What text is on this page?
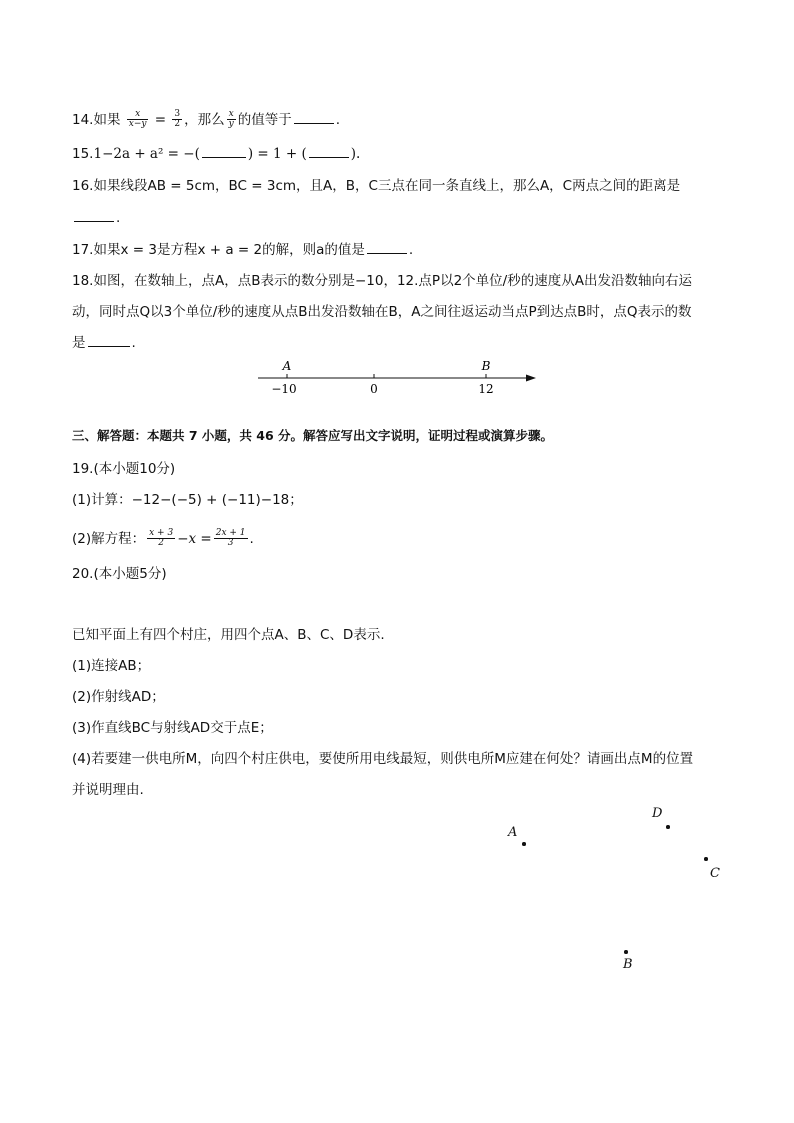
14.如果 $\frac{x}{x-y} = \frac{3}{2}$ ，那么 $\frac{x}{y}$ 的值等于	.
15.1−2a + a² = −(	) = 1 + (	).
16.如果线段AB = 5cm，BC = 3cm，且A，B，C三点在同一条直线上，那么A，C两点之间的距离是
.
17.如果x = 3是方程x + a = 2的解，则a的值是	.
18.如图，在数轴上，点A，点B表示的数分别是−10，12.点P以2个单位/秒的速度从A出发沿数轴向右运
动，同时点Q以3个单位/秒的速度从点B出发沿数轴在B，A之间往返运动当点P到达点B时，点Q表示的数
是	.
A	B
−10	0	12
三、解答题：本题共 7 小题，共 46 分。解答应写出文字说明，证明过程或演算步骤。
19.(本小题10分)
(1)计算：−12−(−5) + (−11)−18；
(2)解方程： $\frac{x + 3}{2} -x = \frac{2x + 1}{3}$ .
20.(本小题5分)
已知平面上有四个村庄，用四个点A、B、C、D表示.
(1)连接AB；
(2)作射线AD；
(3)作直线BC与射线AD交于点E；
(4)若要建一供电所M，向四个村庄供电，要使所用电线最短，则供电所M应建在何处？请画出点M的位置
并说明理由.
A
D
C
B
